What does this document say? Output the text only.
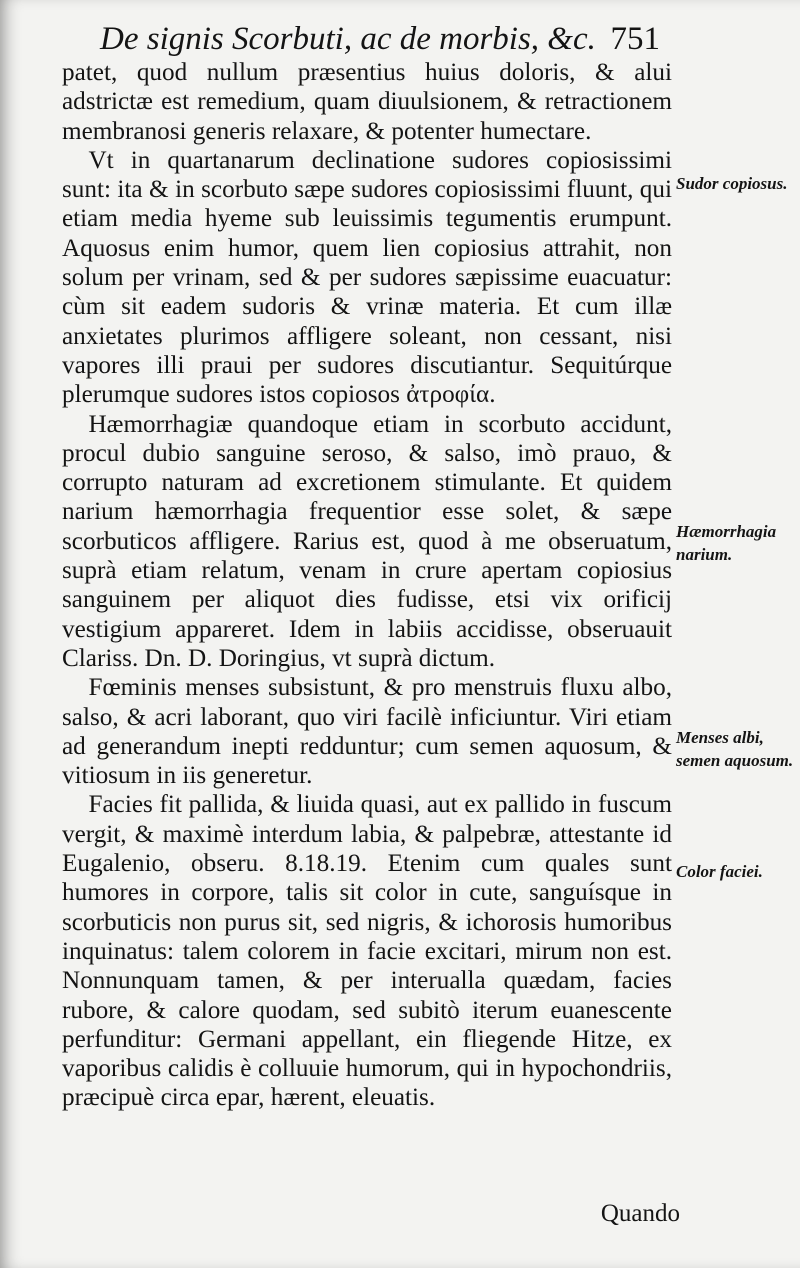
De signis Scorbuti, ac de morbis, &c. 751

patet, quod nullum præsentius huius doloris, & alui adstrictæ est remedium, quam diuulsionem, & retractionem membranosi generis relaxare, & potenter humectare.

Vt in quartanarum declinatione sudores copiosissimi sunt: ita & in scorbuto sæpe sudores copiosissimi fluunt, qui etiam media hyeme sub leuissimis tegumentis erumpunt. Aquosus enim humor, quem lien copiosius attrahit, non solum per vrinam, sed & per sudores sæpissime euacuatur: cùm sit eadem sudoris & vrinæ materia. Et cum illæ anxietates plurimos affligere soleant, non cessant, nisi vapores illi praui per sudores discutiantur. Sequitúrque plerumque sudores istos copiosos ἀτροφία.

Hæmorrhagiæ quandoque etiam in scorbuto accidunt, procul dubio sanguine seroso, & salso, imò prauo, & corrupto naturam ad excretionem stimulante. Et quidem narium hæmorrhagia frequentior esse solet, & sæpe scorbuticos affligere. Rarius est, quod à me obseruatum, suprà etiam relatum, venam in crure apertam copiosius sanguinem per aliquot dies fudisse, etsi vix orificij vestigium appareret. Idem in labiis accidisse, obseruauit Clariss. Dn. D. Doringius, vt suprà dictum.

Fœminis menses subsistunt, & pro menstruis fluxu albo, salso, & acri laborant, quo viri facilè inficiuntur. Viri etiam ad generandum inepti redduntur; cum semen aquosum, & vitiosum in iis generetur.

Facies fit pallida, & liuida quasi, aut ex pallido in fuscum vergit, & maximè interdum labia, & palpebræ, attestante id Eugalenio, obseru. 8.18.19. Etenim cum quales sunt humores in corpore, talis sit color in cute, sanguísque in scorbuticis non purus sit, sed nigris, & ichorosis humoribus inquinatus: talem colorem in facie excitari, mirum non est. Nonnunquam tamen, & per interualla quædam, facies rubore, & calore quodam, sed subitò iterum euanescente perfunditur: Germani appellant, ein fliegende Hitze, ex vaporibus calidis è colluuie humorum, qui in hypochondriis, præcipuè circa epar, hærent, eleuatis.

Sudor copiosus.
Hæmorrhagia narium.
Menses albi, semen aquosum.
Color faciei.
Quando
